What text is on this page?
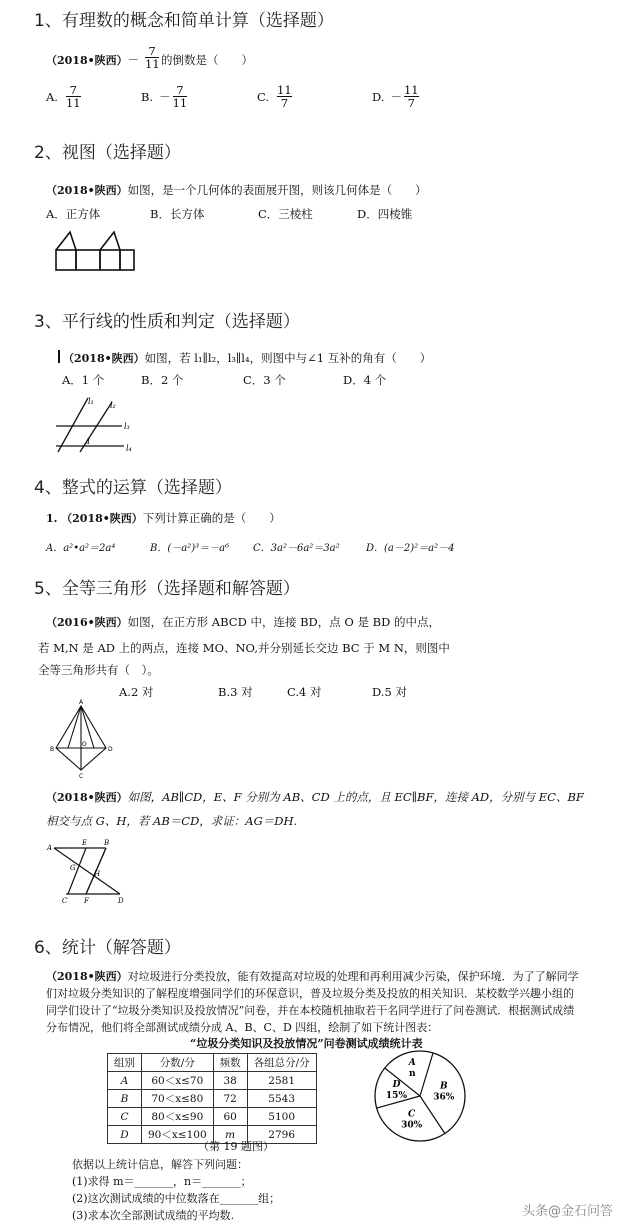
1、有理数的概念和简单计算（选择题）
（2018•陕西）－
7
11 的倒数是（　　）
A.	7
11	B. － 7
11	C. 11
7	D. － 11
7
2、视图（选择题）
（2018•陕西）如图，是一个几何体的表面展开图，则该几何体是（　　）
A．正方体	B．长方体	C．三棱柱	D．四棱锥
3、平行线的性质和判定（选择题）
（2018•陕西）如图，若 l₁∥l₂，l₃∥l₄，则图中与∠1 互补的角有（　　）
A．1 个	B．2 个	C．3 个	D．4 个
l₁ l₂
l₃
l₄
1
4、整式的运算（选择题）
1. （2018•陕西）下列计算正确的是（　　）
A．a²•a²＝2a⁴	B．(－a²)³＝－a⁶ C．3a²－6a²＝3a²	D．(a－2)²＝a²－4
5、全等三角形（选择题和解答题）
（2016•陕西）如图，在正方形 ABCD 中，连接 BD，点 O 是 BD 的中点，
若 M,N 是 AD 上的两点，连接 MO、NO,并分别延长交边 BC 于 M N，则图中
全等三角形共有（　）。
A.2 对	B.3 对	C.4 对	D.5 对
A
B
C
D
O
（2018•陕西）如图，AB∥CD，E、F 分别为 AB、CD 上的点，且 EC∥BF，连接 AD，分别与 EC、BF
相交与点 G、H，若 AB＝CD，求证：AG＝DH.
A
E B
G
H
C F	D
6、统计（解答题）
（2018•陕西）对垃圾进行分类投放，能有效提高对垃圾的处理和再利用减少污染，保护环境．为了了解同学
们对垃圾分类知识的了解程度增强同学们的环保意识，普及垃圾分类及投放的相关知识．某校数学兴趣小组的
同学们设计了“垃圾分类知识及投放情况”问卷，并在本校随机抽取若干名同学进行了问卷测试．根据测试成绩
分布情况，他们将全部测试成绩分成 A、B、C、D 四组，绘制了如下统计图表：
“垃圾分类知识及投放情况”问卷测试成绩统计表
组别	分数/分	频数	各组总分/分
A	60＜x≤70	38	2581
B	70＜x≤80	72	5543
C	80＜x≤90	60	5100
D	90＜x≤100	m	2796
（第 19 题图）
A
n
B
36%
C
30%
D
15%
依据以上统计信息，解答下列问题：
(1)求得 m＝_______，n＝_______；
(2)这次测试成绩的中位数落在_______组；
(3)求本次全部测试成绩的平均数.	头条@金石问答
